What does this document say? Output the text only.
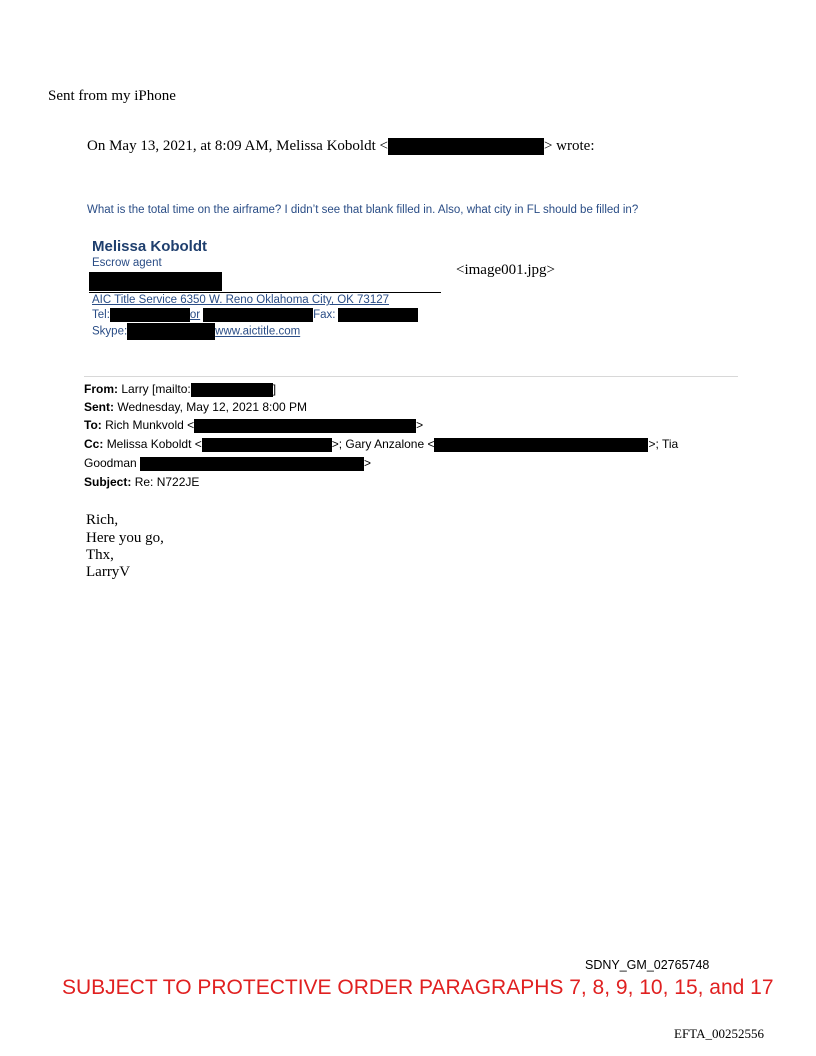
Sent from my iPhone
On May 13, 2021, at 8:09 AM, Melissa Koboldt <	> wrote:
What is the total time on the airframe? I didn’t see that blank filled in. Also, what city in FL should be filled in?
Melissa Koboldt
Escrow agent	<image001.jpg>
AIC Title Service 6350 W. Reno Oklahoma City, OK 73127
Tel:	or	Fax:
Skype:	www.aictitle.com
From: Larry [mailto:	]
Sent: Wednesday, May 12, 2021 8:00 PM
To: Rich Munkvold <	>
Cc: Melissa Koboldt <	>; Gary Anzalone <	>; Tia
Goodman	>
Subject: Re: N722JE
Rich,
Here you go,
Thx,
LarryV
SDNY_GM_02765748
SUBJECT TO PROTECTIVE ORDER PARAGRAPHS 7, 8, 9, 10, 15, and 17
EFTA_00252556
